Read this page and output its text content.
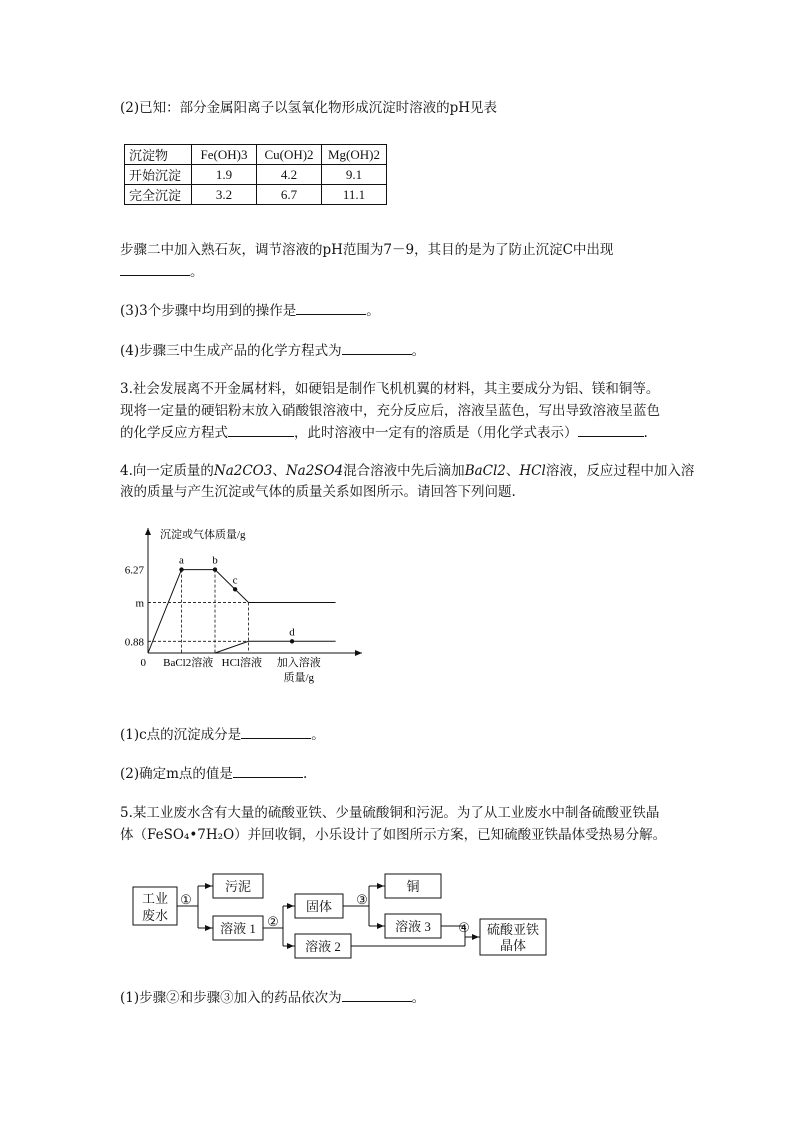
(2)已知：部分金属阳离子以氢氧化物形成沉淀时溶液的pH见表
沉淀物	Fe(OH)3	Cu(OH)2	Mg(OH)2
开始沉淀	1.9	4.2	9.1
完全沉淀	3.2	6.7	11.1
步骤二中加入熟石灰，调节溶液的pH范围为7－9，其目的是为了防止沉淀C中出现
。
(3)3个步骤中均用到的操作是	。
(4)步骤三中生成产品的化学方程式为	。
3.社会发展离不开金属材料，如硬铝是制作飞机机翼的材料，其主要成分为铝、镁和铜等。
现将一定量的硬铝粉末放入硝酸银溶液中，充分反应后，溶液呈蓝色，写出导致溶液呈蓝色
的化学反应方程式	，此时溶液中一定有的溶质是（用化学式表示）	.
4.向一定质量的Na2CO3、Na2SO4混合溶液中先后滴加BaCl2、HCl溶液，反应过程中加入溶
液的质量与产生沉淀或气体的质量关系如图所示。请回答下列问题.
a	b
c
d
6.27
m
0.88
0
沉淀或气体质量/g
BaCl2溶液 HCl溶液 加入溶液
质量/g
(1)c点的沉淀成分是	。
(2)确定m点的值是	.
5.某工业废水含有大量的硫酸亚铁、少量硫酸铜和污泥。为了从工业废水中制备硫酸亚铁晶
体（FeSO₄•7H₂O）并回收铜，小乐设计了如图所示方案，已知硫酸亚铁晶体受热易分解。
工业
废水
污泥
溶液 1
固体
溶液 2
铜
溶液 3	硫酸亚铁
晶体
①
②
③
④
(1)步骤②和步骤③加入的药品依次为	。
